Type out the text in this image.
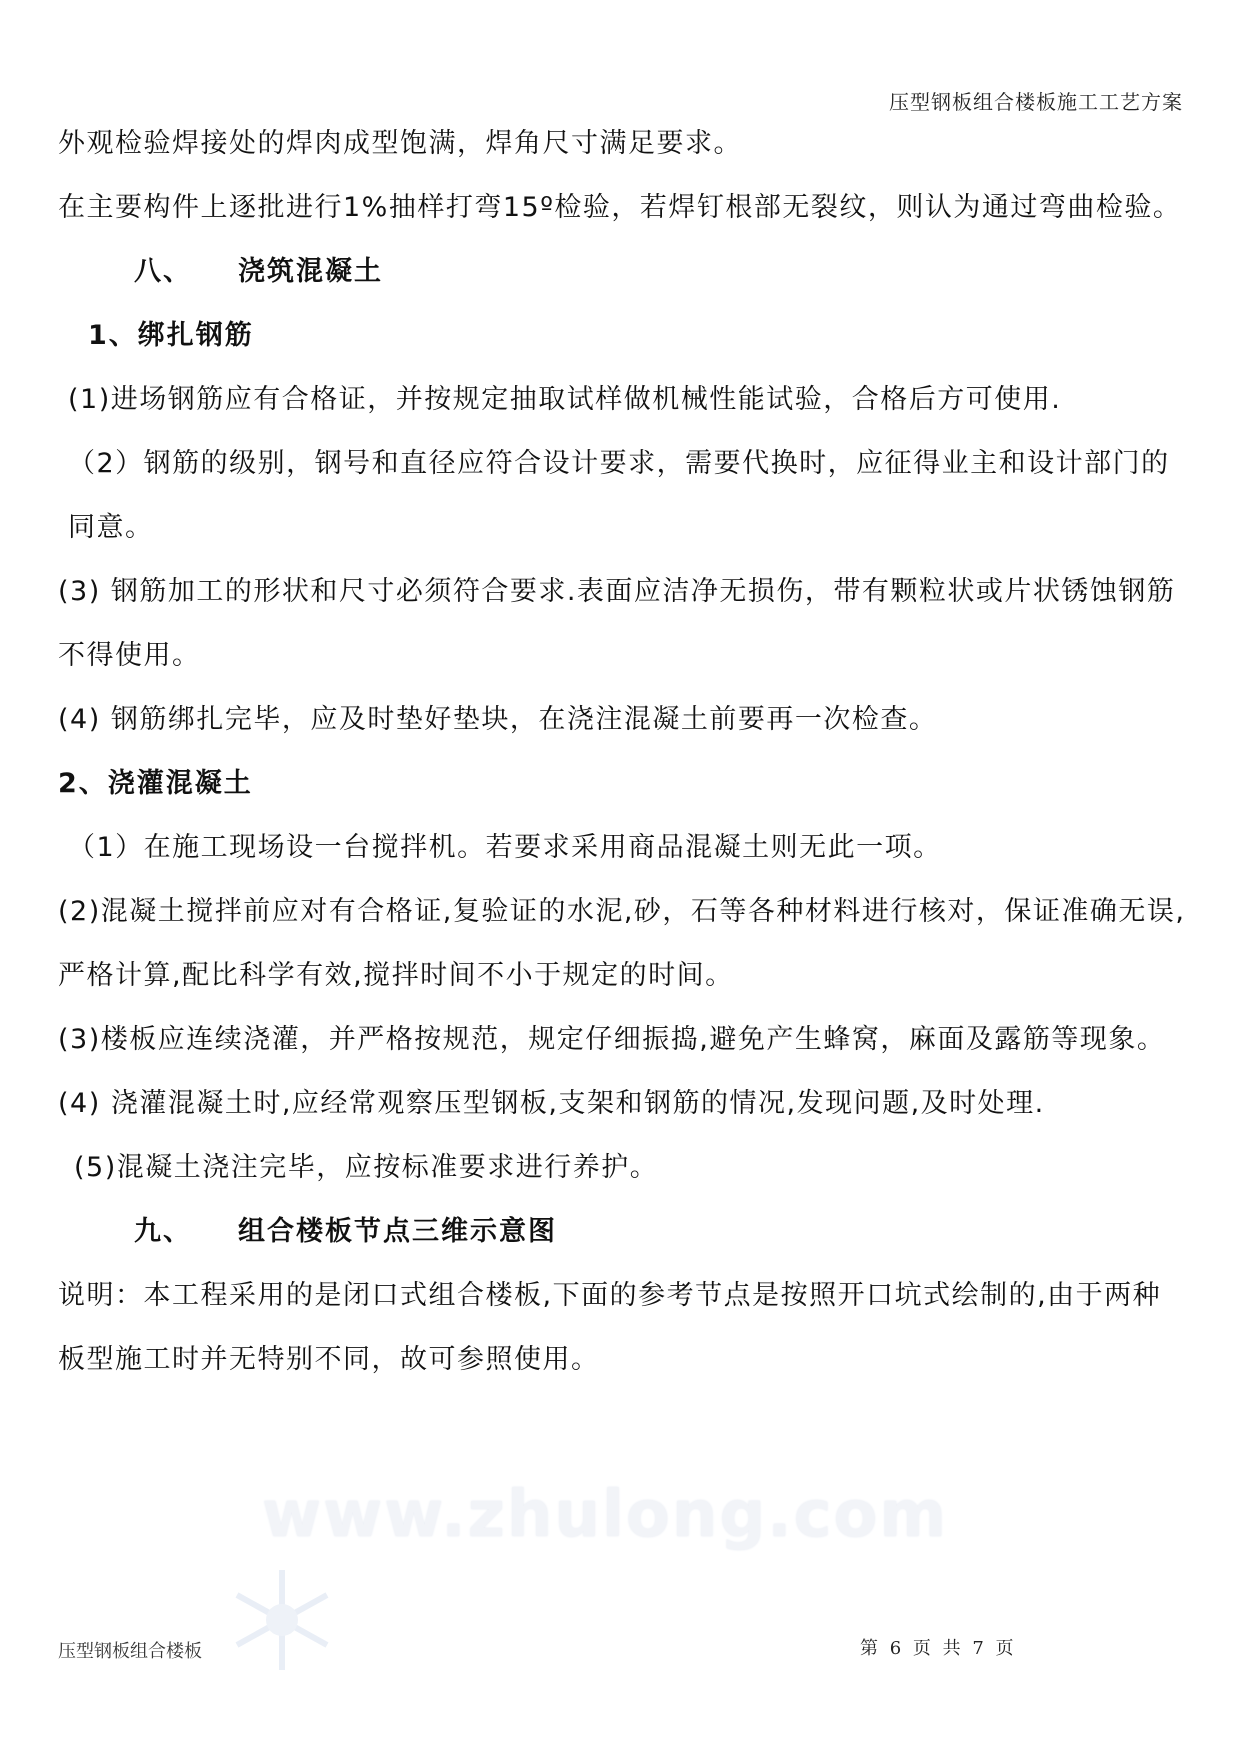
压型钢板组合楼板施工工艺方案

外观检验焊接处的焊肉成型饱满，焊角尺寸满足要求。

在主要构件上逐批进行1%抽样打弯15º检验，若焊钉根部无裂纹，则认为通过弯曲检验。

八、 浇筑混凝土

1、绑扎钢筋

(1)进场钢筋应有合格证，并按规定抽取试样做机械性能试验，合格后方可使用.

（2）钢筋的级别，钢号和直径应符合设计要求，需要代换时，应征得业主和设计部门的同意。

(3) 钢筋加工的形状和尺寸必须符合要求.表面应洁净无损伤，带有颗粒状或片状锈蚀钢筋不得使用。

(4) 钢筋绑扎完毕，应及时垫好垫块，在浇注混凝土前要再一次检查。

2、浇灌混凝土

（1）在施工现场设一台搅拌机。若要求采用商品混凝土则无此一项。

(2)混凝土搅拌前应对有合格证,复验证的水泥,砂，石等各种材料进行核对，保证准确无误,严格计算,配比科学有效,搅拌时间不小于规定的时间。

(3)楼板应连续浇灌，并严格按规范，规定仔细振捣,避免产生蜂窝，麻面及露筋等现象。

(4) 浇灌混凝土时,应经常观察压型钢板,支架和钢筋的情况,发现问题,及时处理.

(5)混凝土浇注完毕，应按标准要求进行养护。

九、 组合楼板节点三维示意图

说明：本工程采用的是闭口式组合楼板,下面的参考节点是按照开口坑式绘制的,由于两种板型施工时并无特别不同，故可参照使用。

www.zhulong.com
压型钢板组合楼板	第 6 页 共 7 页
